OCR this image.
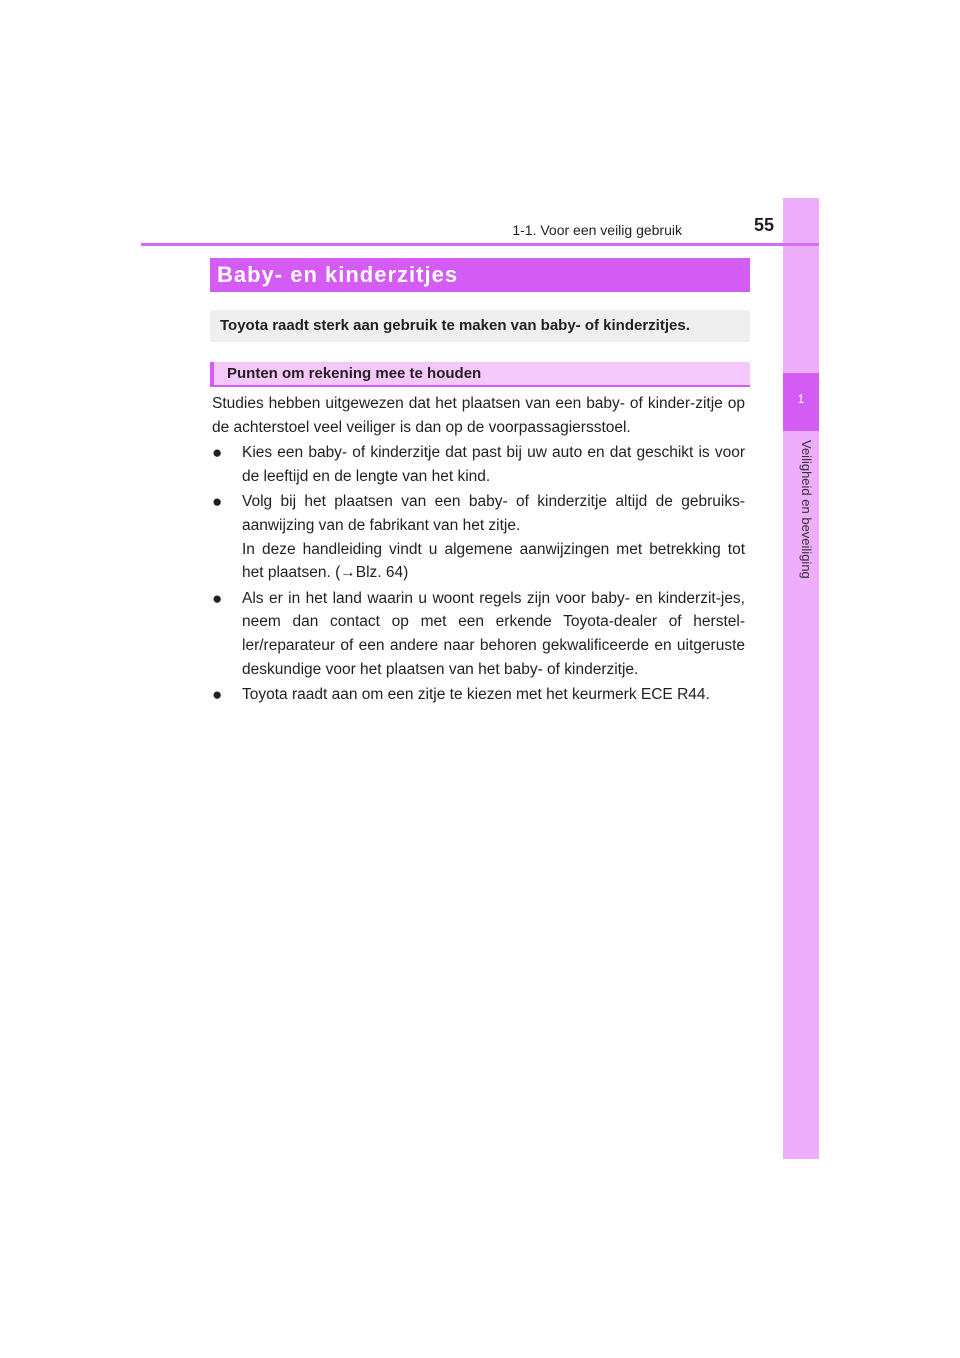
1
Veiligheid en beveiliging
1-1. Voor een veilig gebruik	55
Baby- en kinderzitjes
Toyota raadt sterk aan gebruik te maken van baby- of kinderzitjes.
Punten om rekening mee te houden

Studies hebben uitgewezen dat het plaatsen van een baby- of kinder-zitje op de achterstoel veel veiliger is dan op de voorpassagiersstoel.

● Kies een baby- of kinderzitje dat past bij uw auto en dat geschikt is voor de leeftijd en de lengte van het kind.

● Volg bij het plaatsen van een baby- of kinderzitje altijd de gebruiks-aanwijzing van de fabrikant van het zitje.

In deze handleiding vindt u algemene aanwijzingen met betrekking tot het plaatsen. (→Blz. 64)

● Als er in het land waarin u woont regels zijn voor baby- en kinderzit-jes, neem dan contact op met een erkende Toyota-dealer of herstel-ler/reparateur of een andere naar behoren gekwalificeerde en uitgeruste deskundige voor het plaatsen van het baby- of kinderzitje.

● Toyota raadt aan om een zitje te kiezen met het keurmerk ECE R44.
